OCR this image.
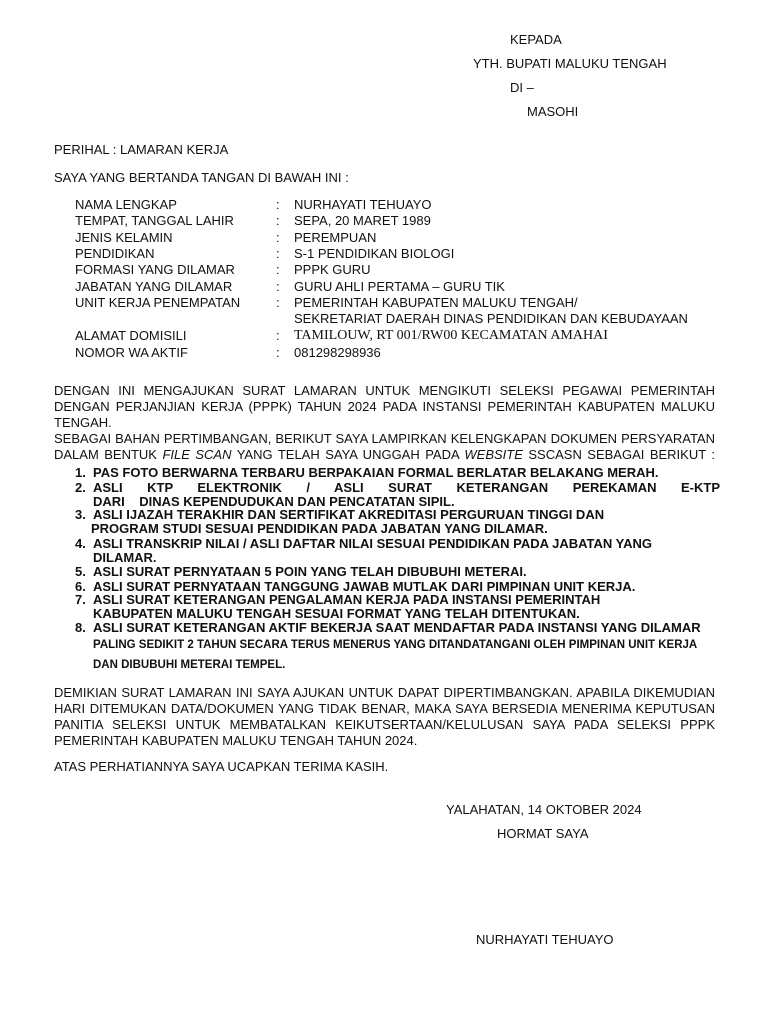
KEPADA
YTH. BUPATI MALUKU TENGAH
DI –
MASOHI
PERIHAL : LAMARAN KERJA
SAYA YANG BERTANDA TANGAN DI BAWAH INI :
NAMA LENGKAP	: NURHAYATI TEHUAYO
TEMPAT, TANGGAL LAHIR	: SEPA, 20 MARET 1989
JENIS KELAMIN	: PEREMPUAN
PENDIDIKAN	: S-1 PENDIDIKAN BIOLOGI
FORMASI YANG DILAMAR	: PPPK GURU
JABATAN YANG DILAMAR	: GURU AHLI PERTAMA – GURU TIK
UNIT KERJA PENEMPATAN	: PEMERINTAH KABUPATEN MALUKU TENGAH/
SEKRETARIAT DAERAH DINAS PENDIDIKAN DAN KEBUDAYAAN
ALAMAT DOMISILI	: TAMILOUW, RT 001/RW00 KECAMATAN AMAHAI
NOMOR WA AKTIF	: 081298298936
DENGAN INI MENGAJUKAN SURAT LAMARAN UNTUK MENGIKUTI SELEKSI PEGAWAI PEMERINTAH
DENGAN PERJANJIAN KERJA (PPPK) TAHUN 2024 PADA INSTANSI PEMERINTAH KABUPATEN MALUKU
TENGAH.
SEBAGAI BAHAN PERTIMBANGAN, BERIKUT SAYA LAMPIRKAN KELENGKAPAN DOKUMEN PERSYARATAN
DALAM BENTUK FILE SCAN YANG TELAH SAYA UNGGAH PADA WEBSITE SSCASN SEBAGAI BERIKUT :
1. PAS FOTO BERWARNA TERBARU BERPAKAIAN FORMAL BERLATAR BELAKANG MERAH.
2. ASLI KTP ELEKTRONIK / ASLI SURAT KETERANGAN PEREKAMAN E-KTP
DARI    DINAS KEPENDUDUKAN DAN PENCATATAN SIPIL.
3. ASLI IJAZAH TERAKHIR DAN SERTIFIKAT AKREDITASI PERGURUAN TINGGI DAN
PROGRAM STUDI SESUAI PENDIDIKAN PADA JABATAN YANG DILAMAR.
4. ASLI TRANSKRIP NILAI / ASLI DAFTAR NILAI SESUAI PENDIDIKAN PADA JABATAN YANG
DILAMAR.
5. ASLI SURAT PERNYATAAN 5 POIN YANG TELAH DIBUBUHI METERAI.
6. ASLI SURAT PERNYATAAN TANGGUNG JAWAB MUTLAK DARI PIMPINAN UNIT KERJA.
7. ASLI SURAT KETERANGAN PENGALAMAN KERJA PADA INSTANSI PEMERINTAH
KABUPATEN MALUKU TENGAH SESUAI FORMAT YANG TELAH DITENTUKAN.
8. ASLI SURAT KETERANGAN AKTIF BEKERJA SAAT MENDAFTAR PADA INSTANSI YANG DILAMAR
PALING SEDIKIT 2 TAHUN SECARA TERUS MENERUS YANG DITANDATANGANI OLEH PIMPINAN UNIT KERJA
DAN DIBUBUHI METERAI TEMPEL.
DEMIKIAN SURAT LAMARAN INI SAYA AJUKAN UNTUK DAPAT DIPERTIMBANGKAN. APABILA DIKEMUDIAN
HARI DITEMUKAN DATA/DOKUMEN YANG TIDAK BENAR, MAKA SAYA BERSEDIA MENERIMA KEPUTUSAN
PANITIA SELEKSI UNTUK MEMBATALKAN KEIKUTSERTAAN/KELULUSAN SAYA PADA SELEKSI PPPK
PEMERINTAH KABUPATEN MALUKU TENGAH TAHUN 2024.
ATAS PERHATIANNYA SAYA UCAPKAN TERIMA KASIH.
YALAHATAN, 14 OKTOBER 2024
HORMAT SAYA
NURHAYATI TEHUAYO
